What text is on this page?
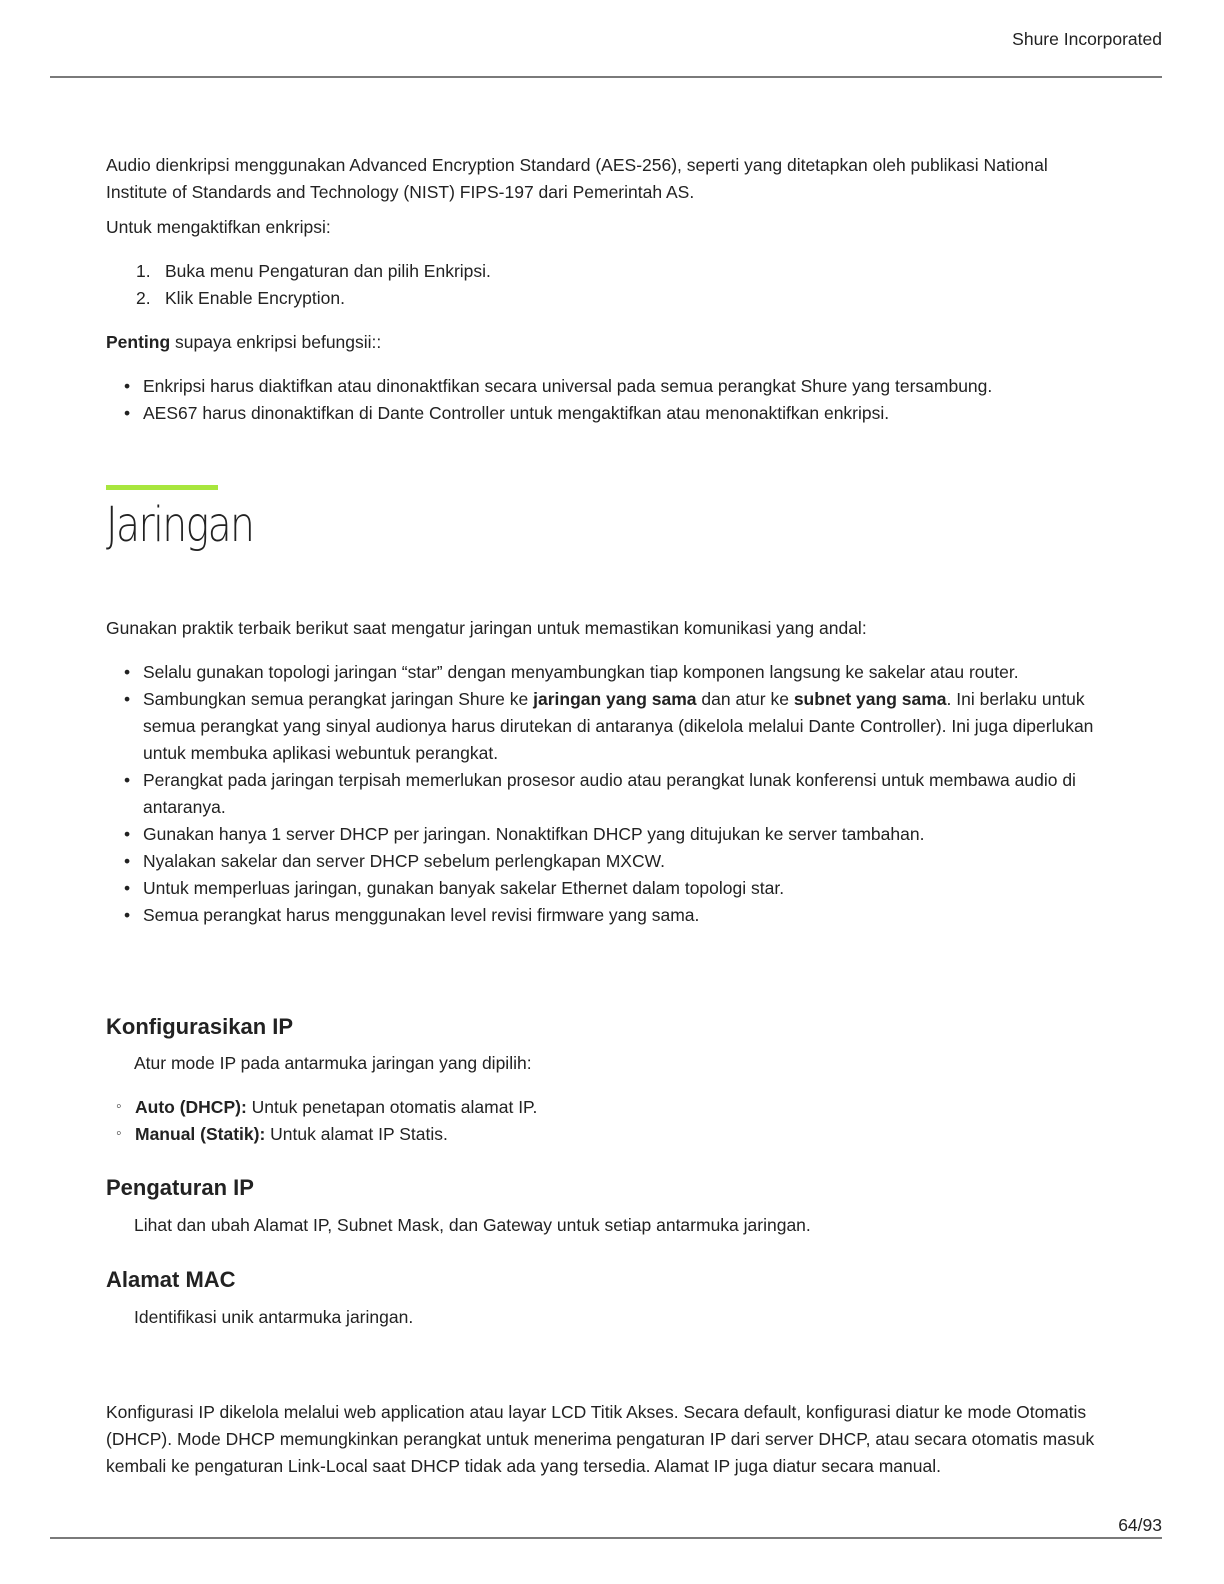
Shure Incorporated

Audio dienkripsi menggunakan Advanced Encryption Standard (AES-256), seperti yang ditetapkan oleh publikasi National Institute of Standards and Technology (NIST) FIPS-197 dari Pemerintah AS.

Untuk mengaktifkan enkripsi:

1. Buka menu Pengaturan dan pilih Enkripsi.
2. Klik Enable Encryption.

Penting supaya enkripsi befungsii::

• Enkripsi harus diaktifkan atau dinonaktfikan secara universal pada semua perangkat Shure yang tersambung.
• AES67 harus dinonaktifkan di Dante Controller untuk mengaktifkan atau menonaktifkan enkripsi.
Jaringan

Gunakan praktik terbaik berikut saat mengatur jaringan untuk memastikan komunikasi yang andal:

• Selalu gunakan topologi jaringan “star” dengan menyambungkan tiap komponen langsung ke sakelar atau router.
• Sambungkan semua perangkat jaringan Shure ke jaringan yang sama dan atur ke subnet yang sama. Ini berlaku untuk semua perangkat yang sinyal audionya harus dirutekan di antaranya (dikelola melalui Dante Controller). Ini juga diperlukan untuk membuka aplikasi webuntuk perangkat.
• Perangkat pada jaringan terpisah memerlukan prosesor audio atau perangkat lunak konferensi untuk membawa audio di antaranya.
• Gunakan hanya 1 server DHCP per jaringan. Nonaktifkan DHCP yang ditujukan ke server tambahan.
• Nyalakan sakelar dan server DHCP sebelum perlengkapan MXCW.
• Untuk memperluas jaringan, gunakan banyak sakelar Ethernet dalam topologi star.
• Semua perangkat harus menggunakan level revisi firmware yang sama.
Konfigurasikan IP

Atur mode IP pada antarmuka jaringan yang dipilih:

◦ Auto (DHCP): Untuk penetapan otomatis alamat IP.
◦ Manual (Statik): Untuk alamat IP Statis.
Pengaturan IP

Lihat dan ubah Alamat IP, Subnet Mask, dan Gateway untuk setiap antarmuka jaringan.

Alamat MAC

Identifikasi unik antarmuka jaringan.

Konfigurasi IP dikelola melalui web application atau layar LCD Titik Akses. Secara default, konfigurasi diatur ke mode Otomatis (DHCP). Mode DHCP memungkinkan perangkat untuk menerima pengaturan IP dari server DHCP, atau secara otomatis masuk kembali ke pengaturan Link-Local saat DHCP tidak ada yang tersedia. Alamat IP juga diatur secara manual.

64/93
